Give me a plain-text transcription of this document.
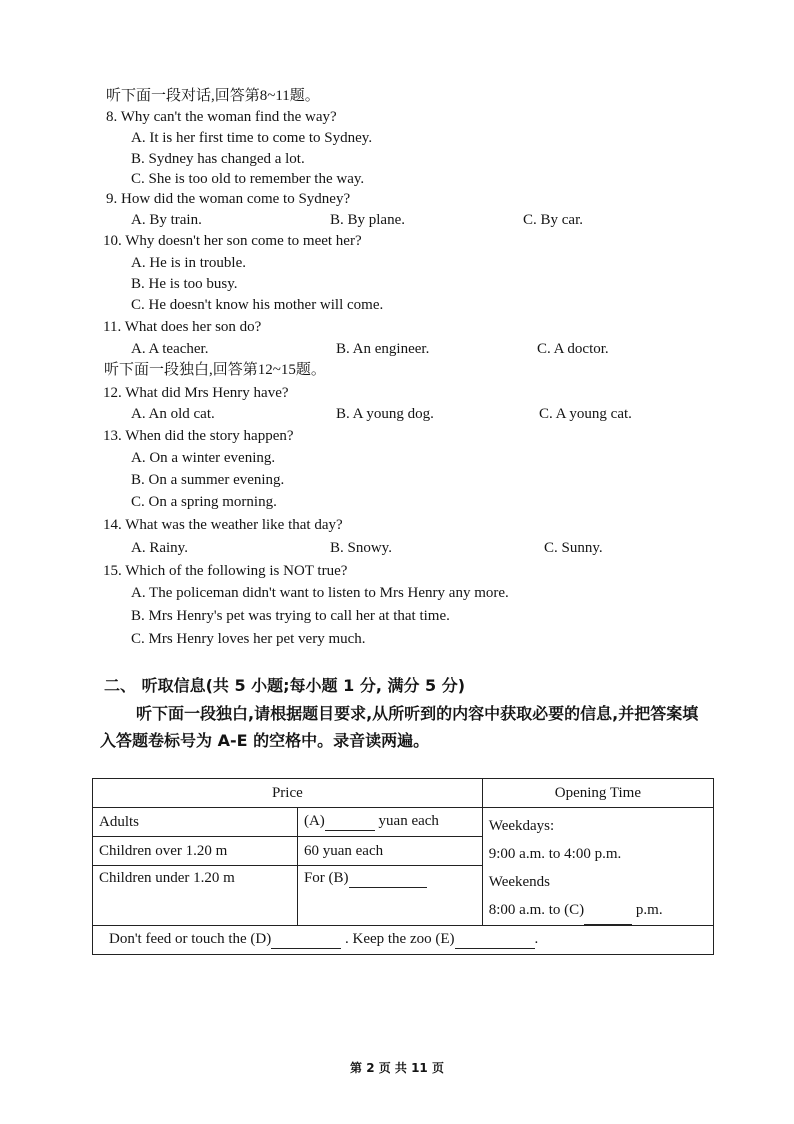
听下面一段对话,回答第8~11题。
8. Why can't the woman find the way?
A. It is her first time to come to Sydney.
B. Sydney has changed a lot.
C. She is too old to remember the way.
9. How did the woman come to Sydney?
A. By train.	B. By plane.	C. By car.
10. Why doesn't her son come to meet her?
A. He is in trouble.
B. He is too busy.
C. He doesn't know his mother will come.
11. What does her son do?
A. A teacher.	B. An engineer.	C. A doctor.
听下面一段独白,回答第12~15题。
12. What did Mrs Henry have?
A. An old cat.	B. A young dog.	C. A young cat.
13. When did the story happen?
A. On a winter evening.
B. On a summer evening.
C. On a spring morning.
14. What was the weather like that day?
A. Rainy.	B. Snowy.	C. Sunny.
15. Which of the following is NOT true?
A. The policeman didn't want to listen to Mrs Henry any more.
B. Mrs Henry's pet was trying to call her at that time.
C. Mrs Henry loves her pet very much.
二、 听取信息(共 5 小题;每小题 1 分, 满分 5 分)
听下面一段独白,请根据题目要求,从所听到的内容中获取必要的信息,并把答案填
入答题卷标号为 A-E 的空格中。录音读两遍。
Price		Opening Time
Adults	(A) yuan each	Weekdays:
9:00 a.m. to 4:00 p.m.
Weekends
8:00 a.m. to (C) p.m.

Children over 1.20 m	60 yuan each	
Children under 1.20 m	For (B)	
Don't feed or touch the (D) . Keep the zoo (E) .		
第 2 页 共 11 页
